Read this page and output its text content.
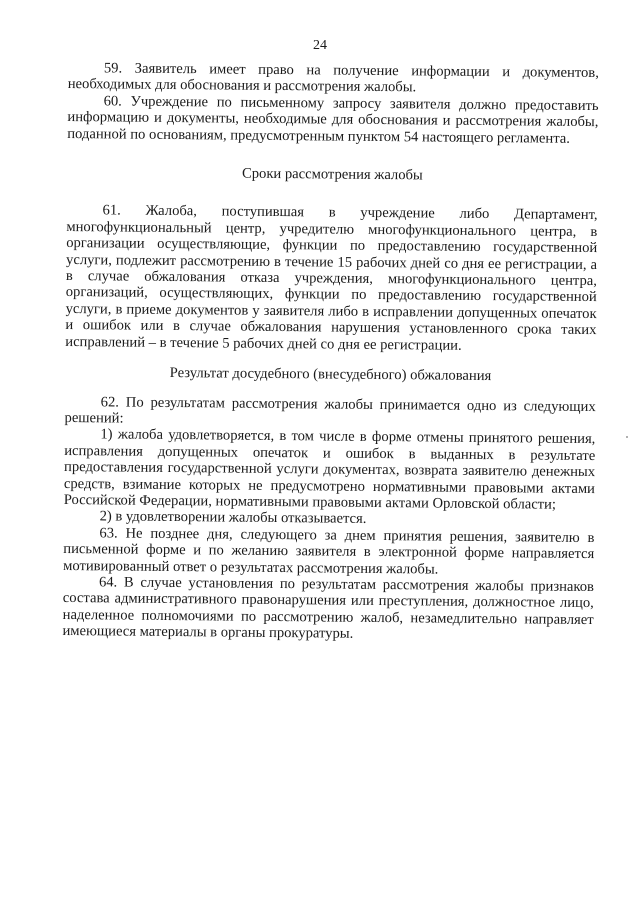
24

59. Заявитель имеет право на получение информации и документов, необходимых для обоснования и рассмотрения жалобы.

60. Учреждение по письменному запросу заявителя должно предоставить информацию и документы, необходимые для обоснования и рассмотрения жалобы, поданной по основаниям, предусмотренным пунктом 54 настоящего регламента.

Сроки рассмотрения жалобы

61. Жалоба, поступившая в учреждение либо Департамент, многофункциональный центр, учредителю многофункционального центра, в организации осуществляющие, функции по предоставлению государственной услуги, подлежит рассмотрению в течение 15 рабочих дней со дня ее регистрации, а в случае обжалования отказа учреждения, многофункционального центра, организаций, осуществляющих, функции по предоставлению государственной услуги, в приеме документов у заявителя либо в исправлении допущенных опечаток и ошибок или в случае обжалования нарушения установленного срока таких исправлений – в течение 5 рабочих дней со дня ее регистрации.

Результат досудебного (внесудебного) обжалования

62. По результатам рассмотрения жалобы принимается одно из следующих решений:

1) жалоба удовлетворяется, в том числе в форме отмены принятого решения, исправления допущенных опечаток и ошибок в выданных в результате предоставления государственной услуги документах, возврата заявителю денежных средств, взимание которых не предусмотрено нормативными правовыми актами Российской Федерации, нормативными правовыми актами Орловской области;

2) в удовлетворении жалобы отказывается.

63. Не позднее дня, следующего за днем принятия решения, заявителю в письменной форме и по желанию заявителя в электронной форме направляется мотивированный ответ о результатах рассмотрения жалобы.

64. В случае установления по результатам рассмотрения жалобы признаков состава административного правонарушения или преступления, должностное лицо, наделенное полномочиями по рассмотрению жалоб, незамедлительно направляет имеющиеся материалы в органы прокуратуры.
